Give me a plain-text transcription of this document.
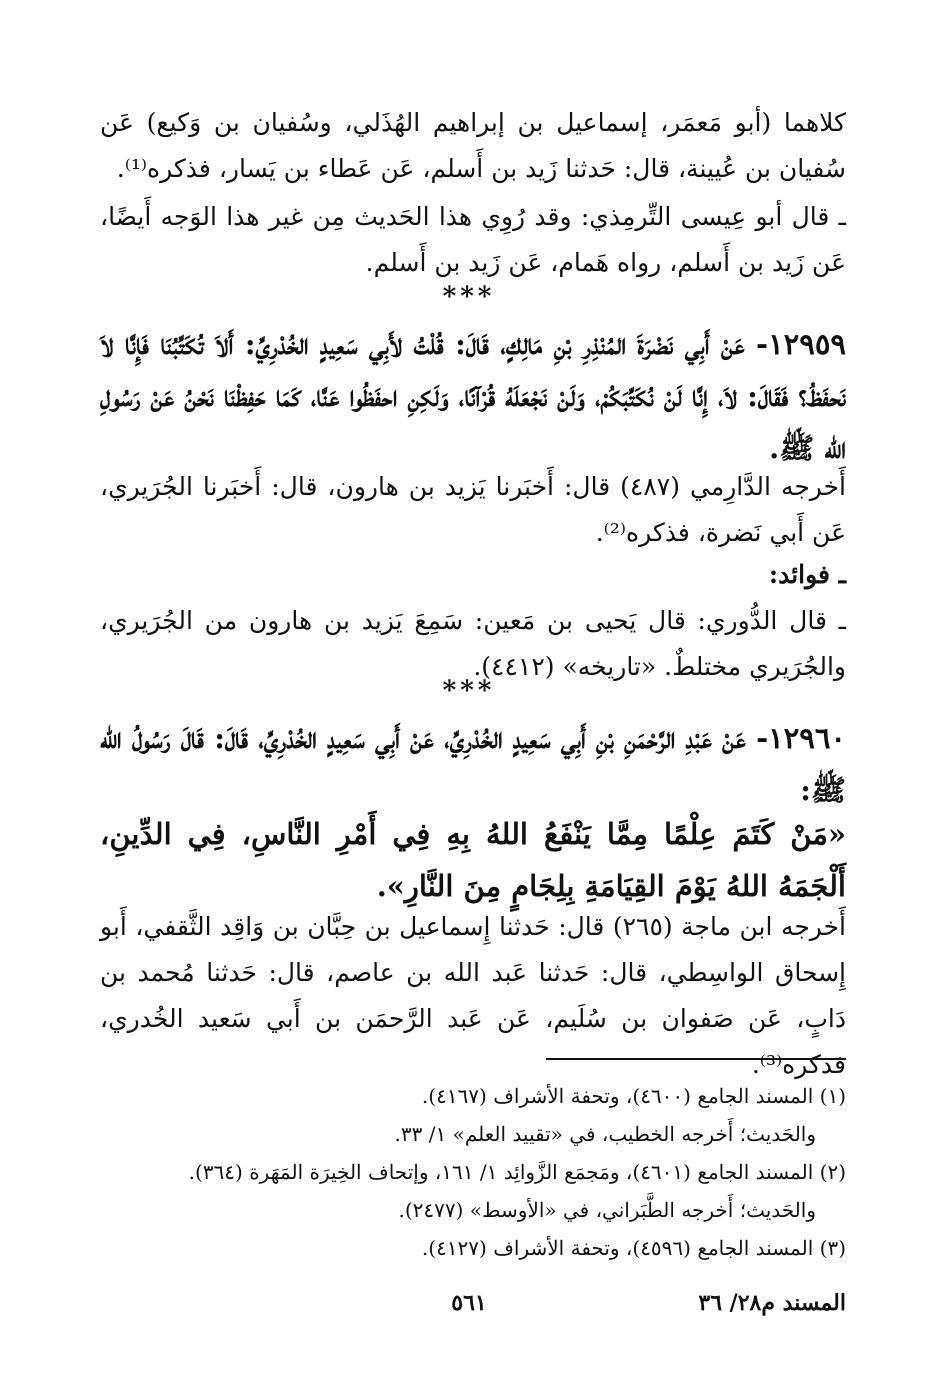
كلاهما (أبو مَعمَر، إسماعيل بن إبراهيم الهُذَلي، وسُفيان بن وَكيع) عَن سُفيان بن عُيينة، قال: حَدثنا زَيد بن أَسلم، عَن عَطاء بن يَسار، فذكره⁽¹⁾.
ـ قال أبو عِيسى التِّرمِذي: وقد رُوِي هذا الحَديث مِن غير هذا الوَجه أَيضًا، عَن زَيد بن أَسلم، رواه هَمام، عَن زَيد بن أَسلم.
***
١٢٩٥٩- عَنْ أَبِي نَضْرَةَ المُنْذِرِ بْنِ مَالِكٍ، قَالَ: قُلْتُ لأَبِي سَعِيدٍ الخُدْرِيِّ: أَلاَ تُكَتِّبُنَا فَإِنَّا لاَ نَحفَظُ؟ فَقَالَ: لاَ، إِنَّا لَنْ نُكَتِّبَكُمْ، وَلَنْ نَجْعَلَهُ قُرْآنًا، وَلَكِنِ احفَظُوا عَنَّا، كَمَا حَفِظْنَا نَحْنُ عَنْ رَسُولِ الله ﷺ.
أَخرجه الدَّارِمي (٤٨٧) قال: أَخبَرنا يَزيد بن هارون، قال: أَخبَرنا الجُرَيري، عَن أَبي نَضرة، فذكره⁽²⁾.
ـ فوائد:
ـ قال الدُّوري: قال يَحيى بن مَعين: سَمِعَ يَزيد بن هارون من الجُرَيري، والجُرَيري مختلطٌ. «تاريخه» (٤٤١٢).
***
١٢٩٦٠- عَنْ عَبْدِ الرَّحْمَنِ بْنِ أَبِي سَعِيدٍ الخُدْرِيِّ، عَنْ أَبِي سَعِيدٍ الخُدْرِيِّ، قَالَ: قَالَ رَسُولُ الله ﷺ:
«مَنْ كَتَمَ عِلْمًا مِمَّا يَنْفَعُ اللهُ بِهِ فِي أَمْرِ النَّاسِ، فِي الدِّينِ، أَلْجَمَهُ اللهُ يَوْمَ القِيَامَةِ بِلِجَامٍ مِنَ النَّارِ».
أَخرجه ابن ماجة (٢٦٥) قال: حَدثنا إِسماعيل بن حِبَّان بن وَاقِد الثَّقفي، أَبو إِسحاق الواسِطي، قال: حَدثنا عَبد الله بن عاصم، قال: حَدثنا مُحمد بن دَابٍ، عَن صَفوان بن سُلَيم، عَن عَبد الرَّحمَن بن أَبي سَعيد الخُدري، فذكره⁽³⁾.
(١) المسند الجامع (٤٦٠٠)، وتحفة الأشراف (٤١٦٧).
والحَديث؛ أَخرجه الخطيب، في «تقييد العلم» ١/ ٣٣.
(٢) المسند الجامع (٤٦٠١)، ومَجمَع الزَّوائِد ١/ ١٦١، وإتحاف الخِيرَة المَهَرة (٣٦٤).
والحَديث؛ أَخرجه الطَّبَراني، في «الأوسط» (٢٤٧٧).
(٣) المسند الجامع (٤٥٩٦)، وتحفة الأشراف (٤١٢٧).
المسند م٢٨/ ٣٦
٥٦١
